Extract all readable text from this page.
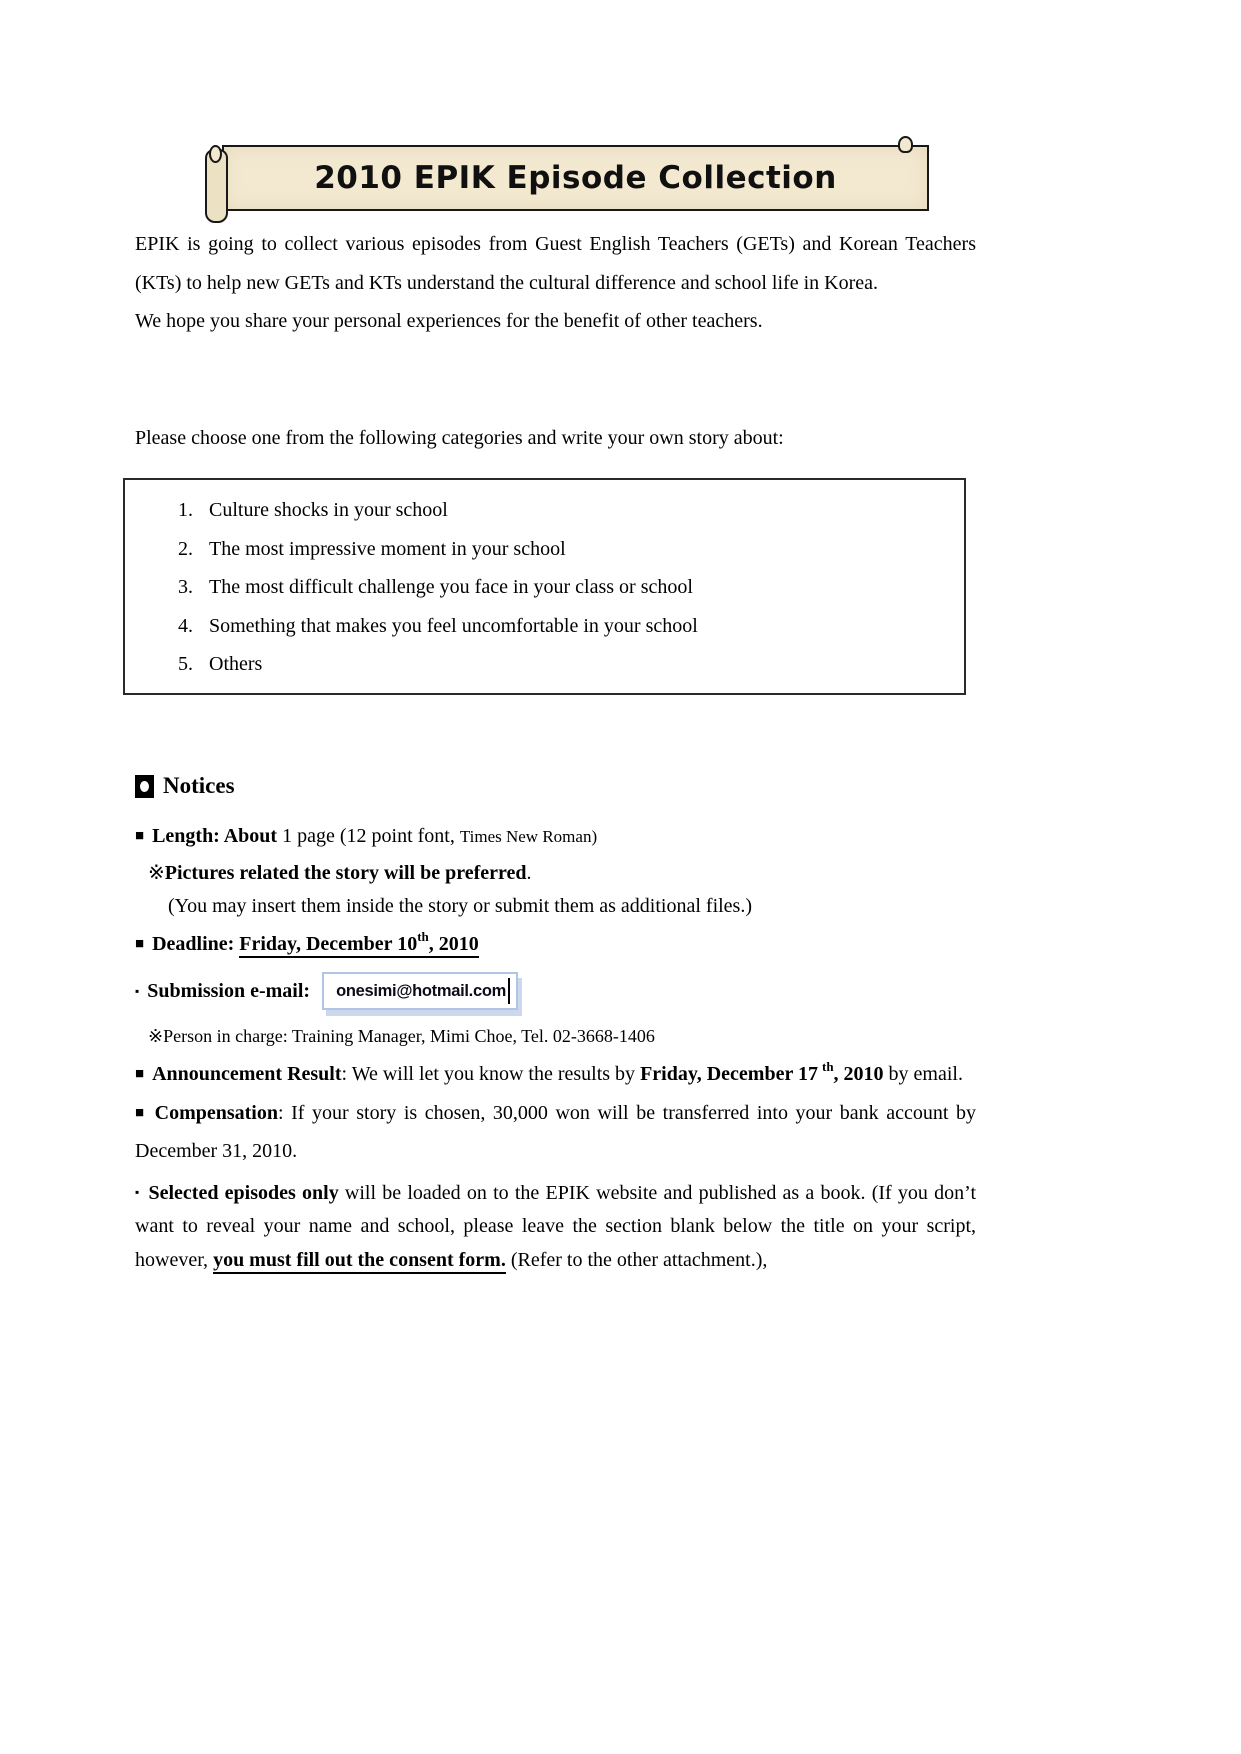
2010 EPIK Episode Collection

EPIK is going to collect various episodes from Guest English Teachers (GETs) and Korean Teachers (KTs) to help new GETs and KTs understand the cultural difference and school life in Korea.

We hope you share your personal experiences for the benefit of other teachers.

Please choose one from the following categories and write your own story about:
1. Culture shocks in your school
2. The most impressive moment in your school
3. The most difficult challenge you face in your class or school
4. Something that makes you feel uncomfortable in your school
5. Others
Notices
■ Length: About 1 page (12 point font, Times New Roman)
※Pictures related the story will be preferred.
(You may insert them inside the story or submit them as additional files.)
■ Deadline: Friday, December 10th, 2010
▪ Submission e-mail: onesimi@hotmail.com
※Person in charge: Training Manager, Mimi Choe, Tel. 02-3668-1406
■ Announcement Result: We will let you know the results by Friday, December 17 $^{th}$, 2010 by email.
■ Compensation: If your story is chosen, 30,000 won will be transferred into your bank account by December 31, 2010.
▪ Selected episodes only will be loaded on to the EPIK website and published as a book. (If you don’t want to reveal your name and school, please leave the section blank below the title on your script, however, you must fill out the consent form. (Refer to the other attachment.),
